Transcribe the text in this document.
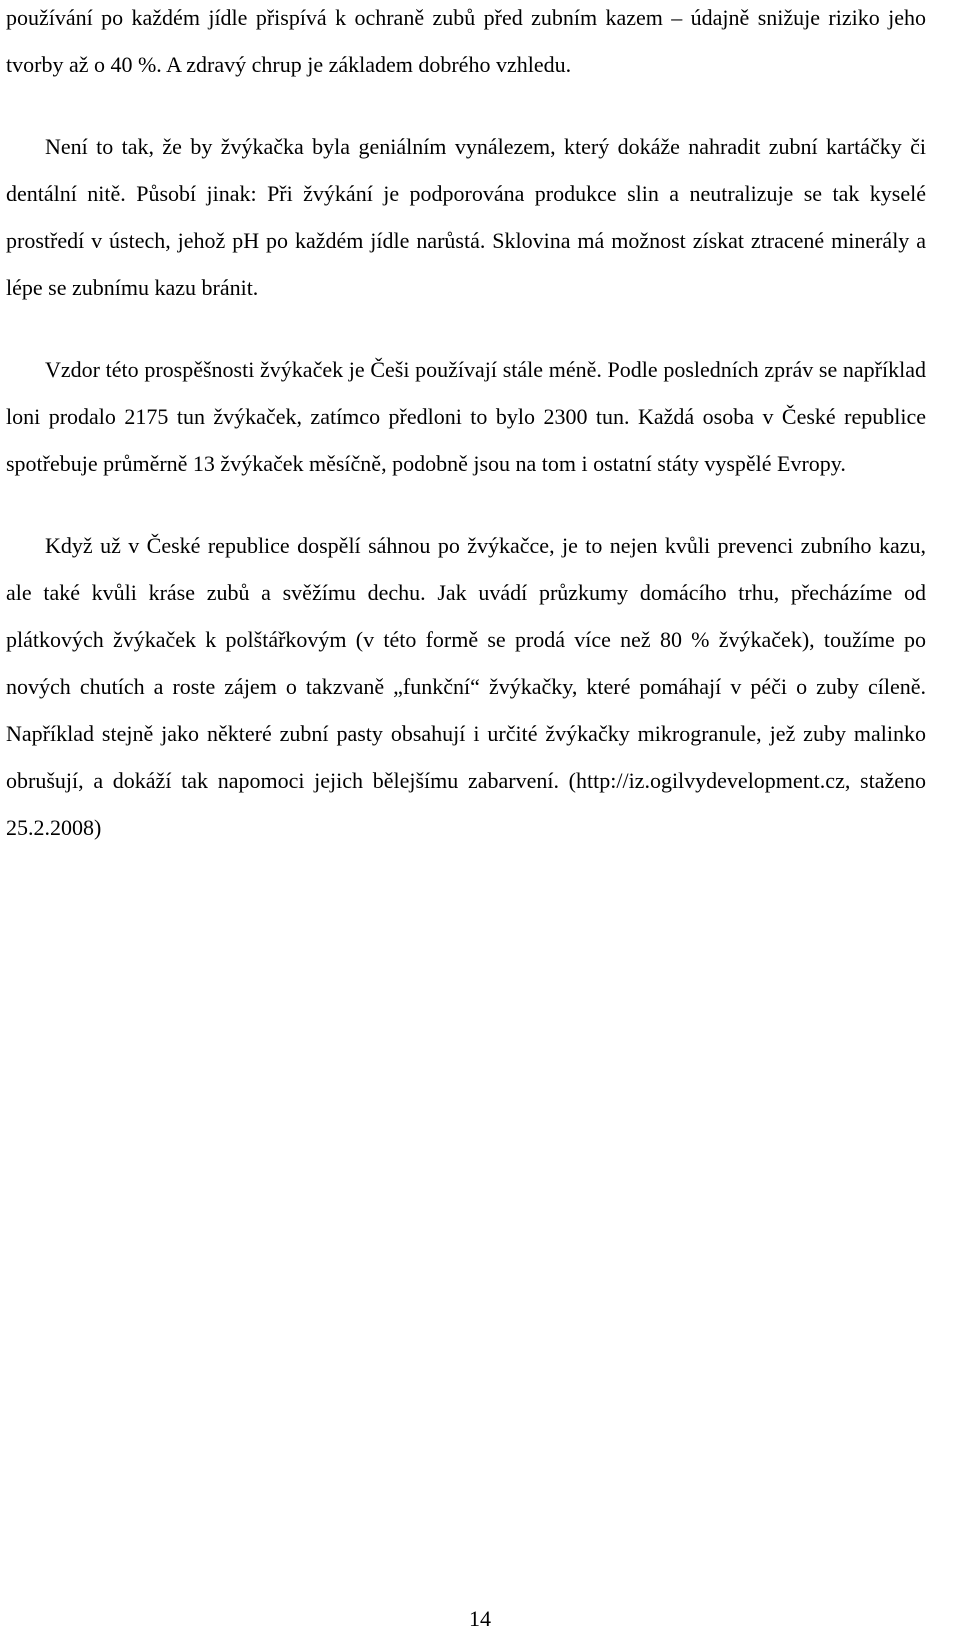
používání po každém jídle přispívá k ochraně zubů před zubním kazem – údajně snižuje riziko jeho tvorby až o 40 %. A zdravý chrup je základem dobrého vzhledu.

Není to tak, že by žvýkačka byla geniálním vynálezem, který dokáže nahradit zubní kartáčky či dentální nitě. Působí jinak: Při žvýkání je podporována produkce slin a neutralizuje se tak kyselé prostředí v ústech, jehož pH po každém jídle narůstá. Sklovina má možnost získat ztracené minerály a lépe se zubnímu kazu bránit.

Vzdor této prospěšnosti žvýkaček je Češi používají stále méně. Podle posledních zpráv se například loni prodalo 2175 tun žvýkaček, zatímco předloni to bylo 2300 tun. Každá osoba v České republice spotřebuje průměrně 13 žvýkaček měsíčně, podobně jsou na tom i ostatní státy vyspělé Evropy.

Když už v České republice dospělí sáhnou po žvýkačce, je to nejen kvůli prevenci zubního kazu, ale také kvůli kráse zubů a svěžímu dechu. Jak uvádí průzkumy domácího trhu, přecházíme od plátkových žvýkaček k polštářkovým (v této formě se prodá více než 80 % žvýkaček), toužíme po nových chutích a roste zájem o takzvaně „funkční“ žvýkačky, které pomáhají v péči o zuby cíleně. Například stejně jako některé zubní pasty obsahují i určité žvýkačky mikrogranule, jež zuby malinko obrušují, a dokáží tak napomoci jejich bělejšímu zabarvení. (http://iz.ogilvydevelopment.cz, staženo 25.2.2008)

14
